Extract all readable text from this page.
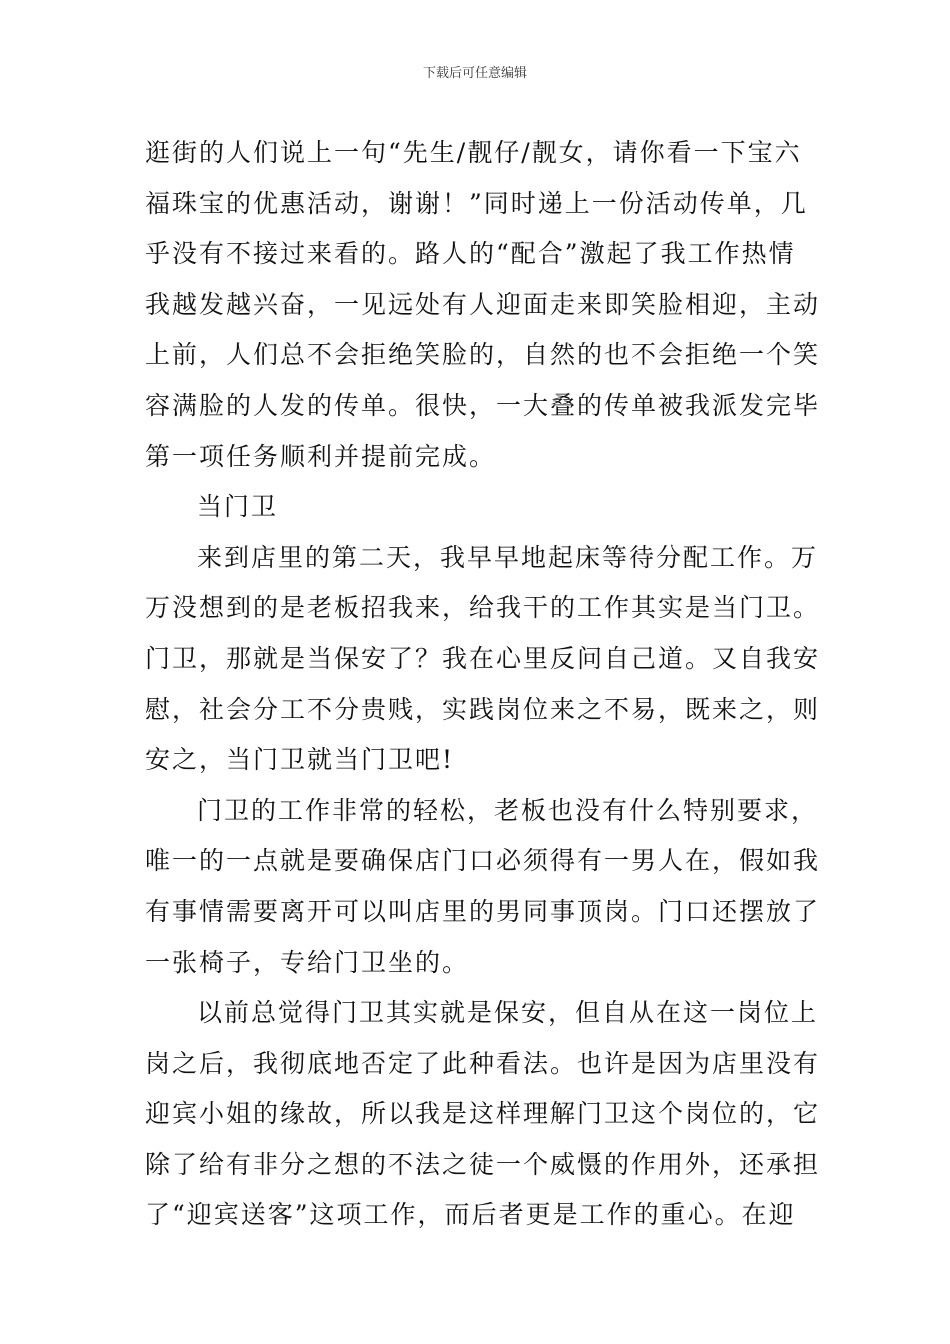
下载后可任意编辑

逛街的人们说上一句“先生/靓仔/靓女，请你看一下宝六
福珠宝的优惠活动，谢谢！”同时递上一份活动传单，几
乎没有不接过来看的。路人的“配合”激起了我工作热情
我越发越兴奋，一见远处有人迎面走来即笑脸相迎，主动
上前，人们总不会拒绝笑脸的，自然的也不会拒绝一个笑
容满脸的人发的传单。很快，一大叠的传单被我派发完毕
第一项任务顺利并提前完成。

当门卫

来到店里的第二天，我早早地起床等待分配工作。万
万没想到的是老板招我来，给我干的工作其实是当门卫。
门卫，那就是当保安了？我在心里反问自己道。又自我安
慰，社会分工不分贵贱，实践岗位来之不易，既来之，则
安之，当门卫就当门卫吧!

门卫的工作非常的轻松，老板也没有什么特别要求，
唯一的一点就是要确保店门口必须得有一男人在，假如我
有事情需要离开可以叫店里的男同事顶岗。门口还摆放了
一张椅子，专给门卫坐的。

以前总觉得门卫其实就是保安，但自从在这一岗位上
岗之后，我彻底地否定了此种看法。也许是因为店里没有
迎宾小姐的缘故，所以我是这样理解门卫这个岗位的，它
除了给有非分之想的不法之徒一个威慑的作用外，还承担
了“迎宾送客”这项工作，而后者更是工作的重心。在迎
